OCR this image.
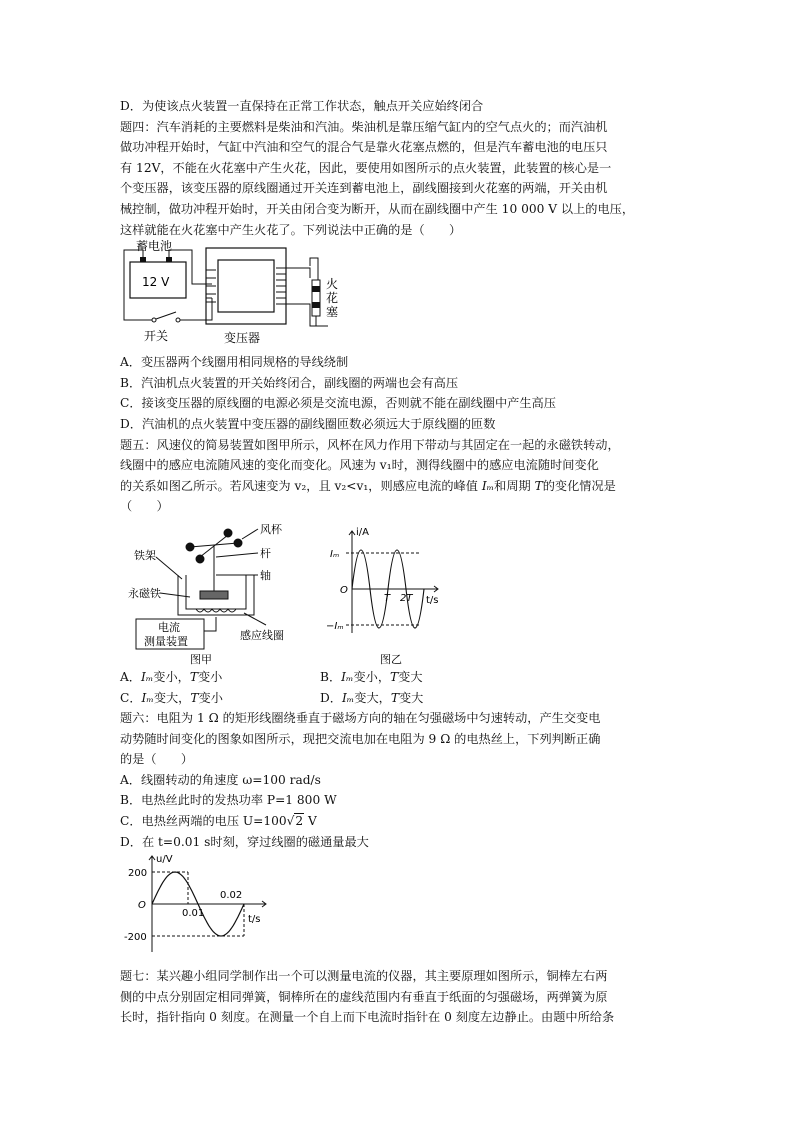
D．为使该点火装置一直保持在正常工作状态，触点开关应始终闭合
题四：汽车消耗的主要燃料是柴油和汽油。柴油机是靠压缩气缸内的空气点火的；而汽油机
做功冲程开始时，气缸中汽油和空气的混合气是靠火花塞点燃的，但是汽车蓄电池的电压只
有 12V，不能在火花塞中产生火花，因此，要使用如图所示的点火装置，此装置的核心是一
个变压器，该变压器的原线圈通过开关连到蓄电池上，副线圈接到火花塞的两端，开关由机
械控制，做功冲程开始时，开关由闭合变为断开，从而在副线圈中产生 10 000 V 以上的电压，
这样就能在火花塞中产生火花了。下列说法中正确的是（　　）
蓄电池
12 V
开关	变压器
火
花
塞
A．变压器两个线圈用相同规格的导线绕制
B．汽油机点火装置的开关始终闭合，副线圈的两端也会有高压
C．接该变压器的原线圈的电源必须是交流电源，否则就不能在副线圈中产生高压
D．汽油机的点火装置中变压器的副线圈匝数必须远大于原线圈的匝数
题五：风速仪的简易装置如图甲所示，风杯在风力作用下带动与其固定在一起的永磁铁转动，
线圈中的感应电流随风速的变化而变化。风速为 v₁时，测得线圈中的感应电流随时间变化
的关系如图乙所示。若风速变为 v₂，且 v₂<v₁，则感应电流的峰值 Iₘ和周期 T的变化情况是
（　　）
风杯
杆
铁架
轴
永磁铁
电流
测量装置	感应线圈
图甲
i/A
t/s
Iₘ
−Iₘ
O
T 2T
图乙
A．Iₘ变小，T变小	B．Iₘ变小，T变大
C．Iₘ变大，T变小	D．Iₘ变大，T变大
题六：电阻为 1 Ω 的矩形线圈绕垂直于磁场方向的轴在匀强磁场中匀速转动，产生交变电
动势随时间变化的图象如图所示，现把交流电加在电阻为 9 Ω 的电热丝上，下列判断正确
的是（　　）
A．线圈转动的角速度 ω=100 rad/s
B．电热丝此时的发热功率 P=1 800 W
C．电热丝两端的电压 U=100√2 V
D．在 t=0.01 s时刻，穿过线圈的磁通量最大
u/V
t/s
200
-200
O
0.01
0.02
题七：某兴趣小组同学制作出一个可以测量电流的仪器，其主要原理如图所示，铜棒左右两
侧的中点分别固定相同弹簧，铜棒所在的虚线范围内有垂直于纸面的匀强磁场，两弹簧为原
长时，指针指向 0 刻度。在测量一个自上而下电流时指针在 0 刻度左边静止。由题中所给条
